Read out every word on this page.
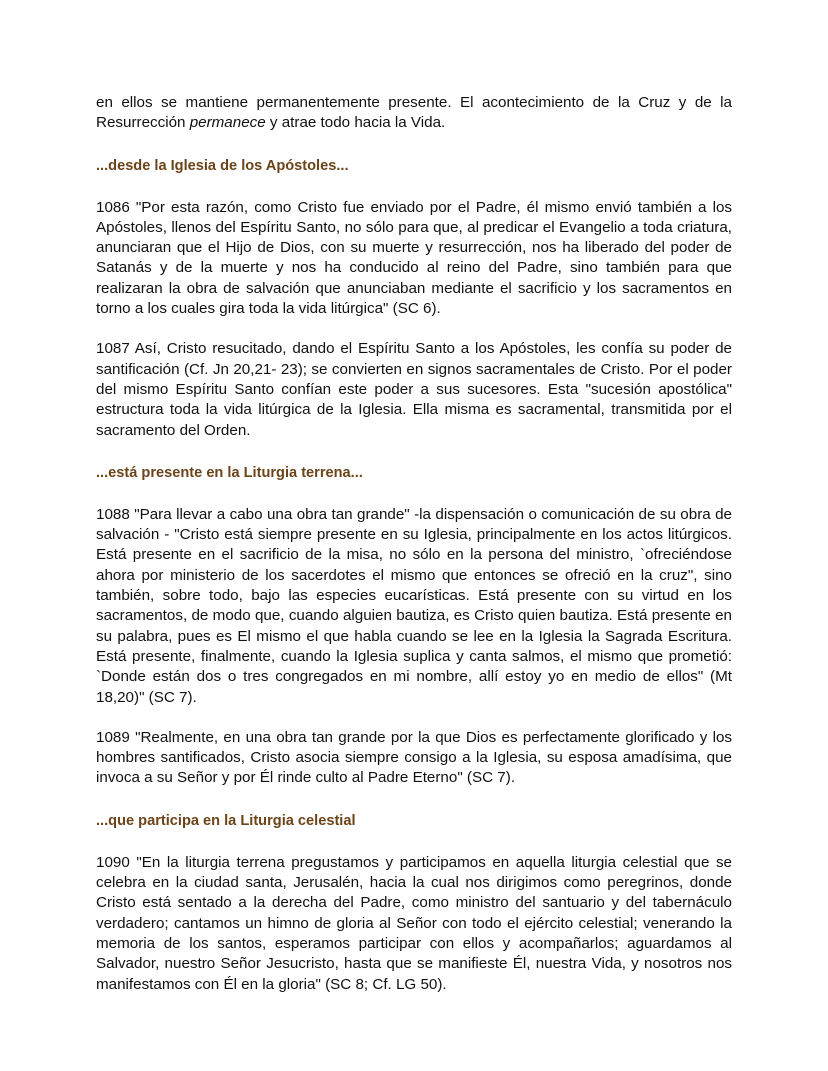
en ellos se mantiene permanentemente presente. El acontecimiento de la Cruz y de la Resurrección permanece y atrae todo hacia la Vida.

...desde la Iglesia de los Apóstoles...

1086 "Por esta razón, como Cristo fue enviado por el Padre, él mismo envió también a los Apóstoles, llenos del Espíritu Santo, no sólo para que, al predicar el Evangelio a toda criatura, anunciaran que el Hijo de Dios, con su muerte y resurrección, nos ha liberado del poder de Satanás y de la muerte y nos ha conducido al reino del Padre, sino también para que realizaran la obra de salvación que anunciaban mediante el sacrificio y los sacramentos en torno a los cuales gira toda la vida litúrgica" (SC 6).

1087 Así, Cristo resucitado, dando el Espíritu Santo a los Apóstoles, les confía su poder de santificación (Cf. Jn 20,21- 23); se convierten en signos sacramentales de Cristo. Por el poder del mismo Espíritu Santo confían este poder a sus sucesores. Esta "sucesión apostólica" estructura toda la vida litúrgica de la Iglesia. Ella misma es sacramental, transmitida por el sacramento del Orden.

...está presente en la Liturgia terrena...

1088 "Para llevar a cabo una obra tan grande" -la dispensación o comunicación de su obra de salvación - "Cristo está siempre presente en su Iglesia, principalmente en los actos litúrgicos. Está presente en el sacrificio de la misa, no sólo en la persona del ministro, `ofreciéndose ahora por ministerio de los sacerdotes el mismo que entonces se ofreció en la cruz", sino también, sobre todo, bajo las especies eucarísticas. Está presente con su virtud en los sacramentos, de modo que, cuando alguien bautiza, es Cristo quien bautiza. Está presente en su palabra, pues es El mismo el que habla cuando se lee en la Iglesia la Sagrada Escritura. Está presente, finalmente, cuando la Iglesia suplica y canta salmos, el mismo que prometió: `Donde están dos o tres congregados en mi nombre, allí estoy yo en medio de ellos" (Mt 18,20)" (SC 7).

1089 "Realmente, en una obra tan grande por la que Dios es perfectamente glorificado y los hombres santificados, Cristo asocia siempre consigo a la Iglesia, su esposa amadísima, que invoca a su Señor y por Él rinde culto al Padre Eterno" (SC 7).

...que participa en la Liturgia celestial

1090 "En la liturgia terrena pregustamos y participamos en aquella liturgia celestial que se celebra en la ciudad santa, Jerusalén, hacia la cual nos dirigimos como peregrinos, donde Cristo está sentado a la derecha del Padre, como ministro del santuario y del tabernáculo verdadero; cantamos un himno de gloria al Señor con todo el ejército celestial; venerando la memoria de los santos, esperamos participar con ellos y acompañarlos; aguardamos al Salvador, nuestro Señor Jesucristo, hasta que se manifieste Él, nuestra Vida, y nosotros nos manifestamos con Él en la gloria" (SC 8; Cf. LG 50).
